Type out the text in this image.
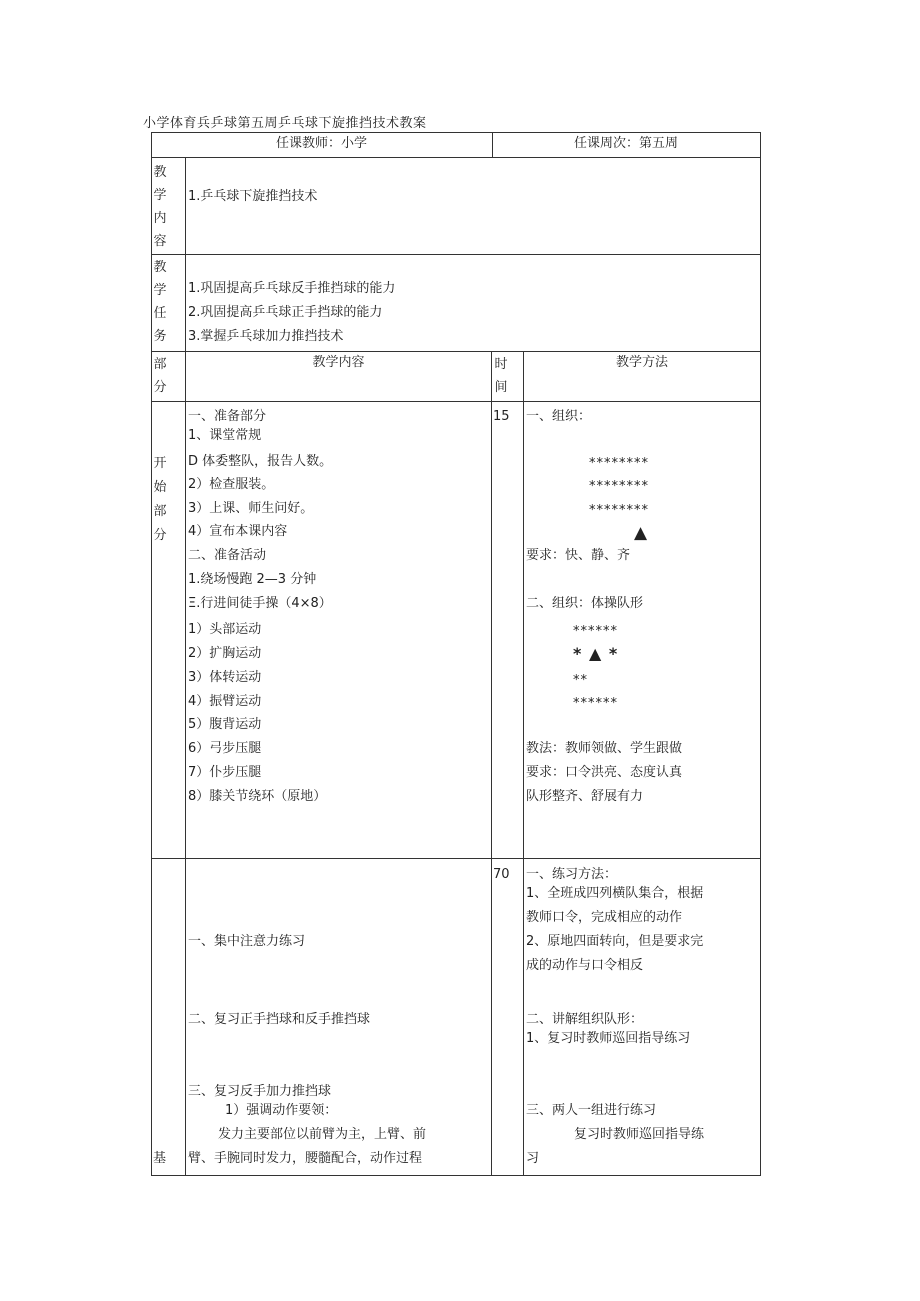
小学体育兵乒球第五周乒乓球下旋推挡技术教案
任课教师：小学	任课周次：第五周
教
学
内
容
1.乒乓球下旋推挡技术
教
学
任
务
1.巩固提高乒乓球反手推挡球的能力
2.巩固提高乒乓球正手挡球的能力
3.掌握乒乓球加力推挡技术
部
分
教学内容	时
间
教学方法
开
始
部
分
15
一、准备部分
1、课堂常规
D 体委整队，报告人数。
2）检查服装。
3）上课、师生问好。
4）宣布本课内容
二、准备活动
1.绕场慢跑 2—3 分钟
Ξ.行进间徒手操（4×8）
1）头部运动
2）扩胸运动
3）体转运动
4）振臂运动
5）腹背运动
6）弓步压腿
7）仆步压腿
8）膝关节绕环（原地）
一、组织：
********
********
********
▲
要求：快、静、齐
二、组织：体操队形
******
* ▲ *
**
******
教法：教师领做、学生跟做
要求：口令洪亮、态度认真
队形整齐、舒展有力
基
70
一、集中注意力练习
二、复习正手挡球和反手推挡球
三、复习反手加力推挡球
1）强调动作要领：
发力主要部位以前臂为主，上臂、前
臂、手腕同时发力，腰髓配合，动作过程
一、练习方法：
1、全班成四列横队集合，根据
教师口令，完成相应的动作
2、原地四面转向，但是要求完
成的动作与口令相反
二、讲解组织队形：
1、复习时教师巡回指导练习
三、两人一组进行练习
复习时教师巡回指导练
习
